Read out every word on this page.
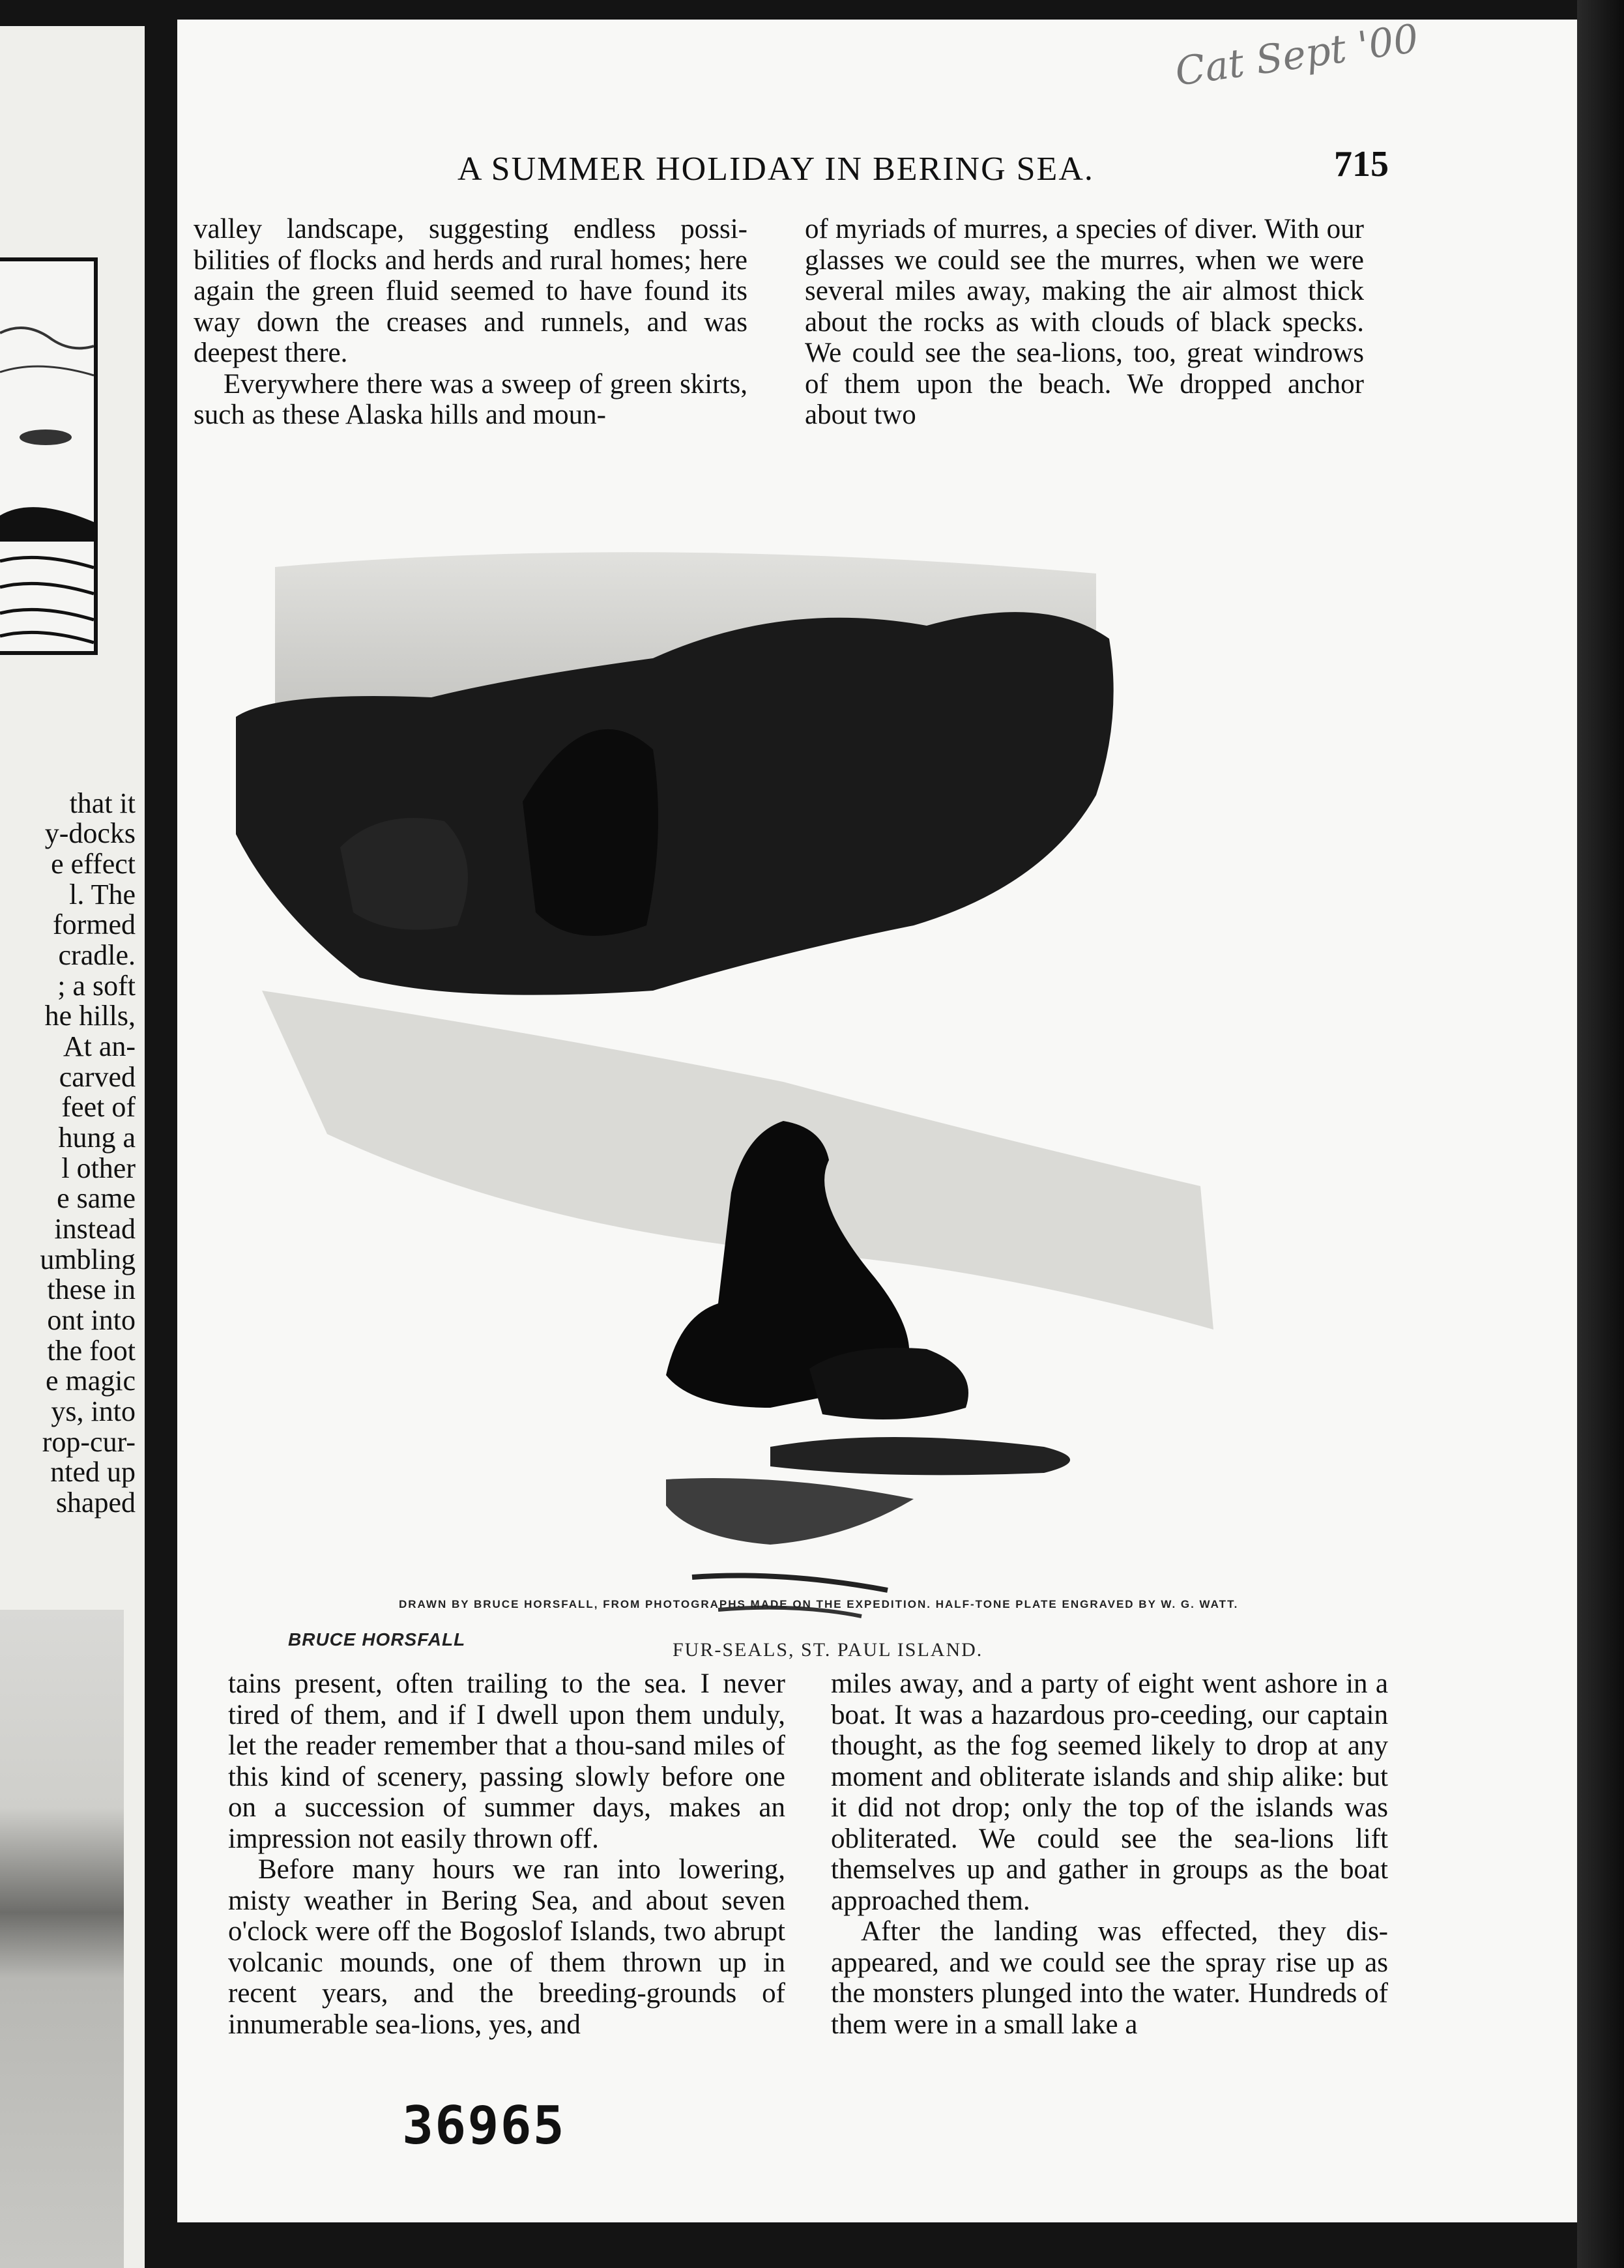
that it
y-docks
e effect
l. The
formed
cradle.
; a soft
he hills,
At an-
carved
feet of
hung a
l other
e same
instead
umbling
these in
ont into
the foot
e magic
ys, into
rop-cur-
nted up
shaped
Cat Sept '00
A SUMMER HOLIDAY IN BERING SEA.	715

valley landscape, suggesting endless possi-bilities of flocks and herds and rural homes; here again the green fluid seemed to have found its way down the creases and runnels, and was deepest there.

Everywhere there was a sweep of green skirts, such as these Alaska hills and moun-

of myriads of murres, a species of diver. With our glasses we could see the murres, when we were several miles away, making the air almost thick about the rocks as with clouds of black specks. We could see the sea-lions, too, great windrows of them upon the beach. We dropped anchor about two

BRUCE HORSFALL
DRAWN BY BRUCE HORSFALL, FROM PHOTOGRAPHS MADE ON THE EXPEDITION. HALF-TONE PLATE ENGRAVED BY W. G. WATT.
FUR-SEALS, ST. PAUL ISLAND.

tains present, often trailing to the sea. I never tired of them, and if I dwell upon them unduly, let the reader remember that a thou-sand miles of this kind of scenery, passing slowly before one on a succession of summer days, makes an impression not easily thrown off.

Before many hours we ran into lowering, misty weather in Bering Sea, and about seven o'clock were off the Bogoslof Islands, two abrupt volcanic mounds, one of them thrown up in recent years, and the breeding-grounds of innumerable sea-lions, yes, and

miles away, and a party of eight went ashore in a boat. It was a hazardous pro-ceeding, our captain thought, as the fog seemed likely to drop at any moment and obliterate islands and ship alike: but it did not drop; only the top of the islands was obliterated. We could see the sea-lions lift themselves up and gather in groups as the boat approached them.

After the landing was effected, they dis-appeared, and we could see the spray rise up as the monsters plunged into the water. Hundreds of them were in a small lake a

36965
